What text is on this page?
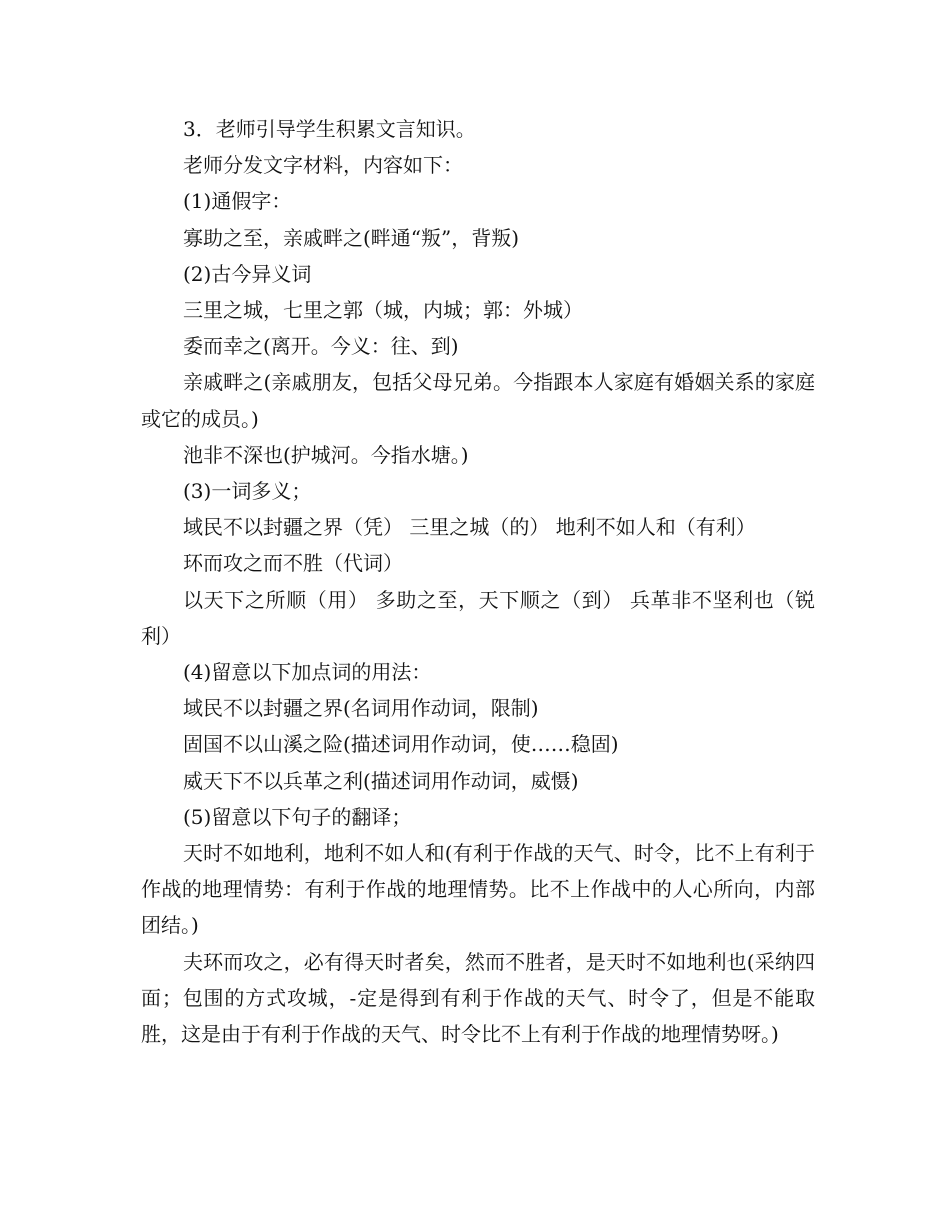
3．老师引导学生积累文言知识。

老师分发文字材料，内容如下：

(1)通假字：

寡助之至，亲戚畔之(畔通“叛”，背叛)

(2)古今异义词

三里之城，七里之郭（城，内城；郭：外城）

委而幸之(离开。今义：往、到)

亲戚畔之(亲戚朋友，包括父母兄弟。今指跟本人家庭有婚姻关系的家庭或它的成员。)

池非不深也(护城河。今指水塘。)

(3)一词多义；

域民不以封疆之界（凭） 三里之城（的） 地利不如人和（有利）

环而攻之而不胜（代词）

以天下之所顺（用） 多助之至，天下顺之（到） 兵革非不坚利也（锐利）

(4)留意以下加点词的用法：

域民不以封疆之界(名词用作动词，限制)

固国不以山溪之险(描述词用作动词，使……稳固)

威天下不以兵革之利(描述词用作动词，威慑)

(5)留意以下句子的翻译；

天时不如地利，地利不如人和(有利于作战的天气、时令，比不上有利于作战的地理情势：有利于作战的地理情势。比不上作战中的人心所向，内部团结。)

夫环而攻之，必有得天时者矣，然而不胜者，是天时不如地利也(采纳四面；包围的方式攻城，-定是得到有利于作战的天气、时令了，但是不能取胜，这是由于有利于作战的天气、时令比不上有利于作战的地理情势呀。)
